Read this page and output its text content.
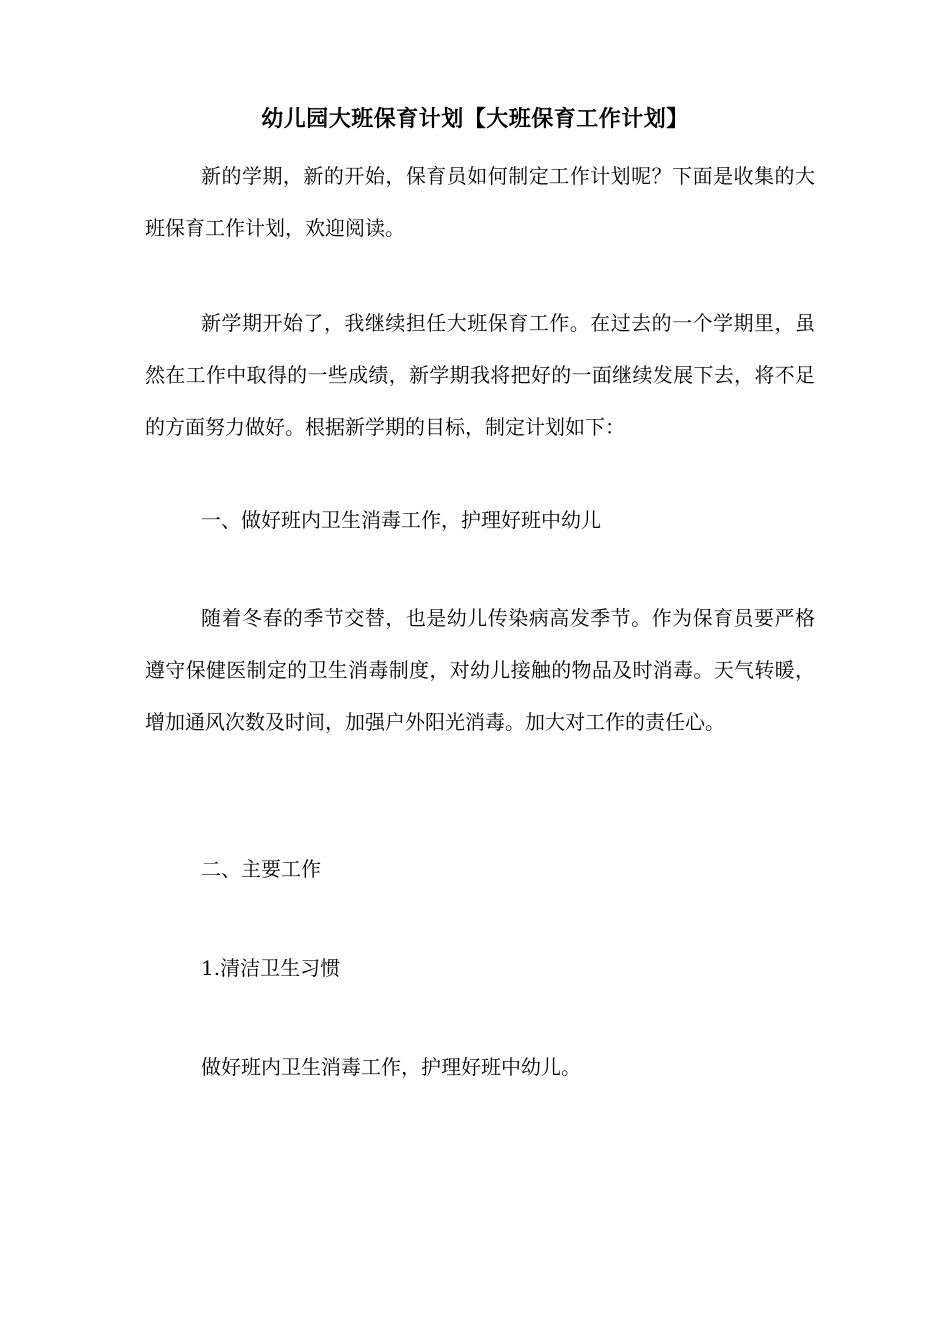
幼儿园大班保育计划【大班保育工作计划】

新的学期，新的开始，保育员如何制定工作计划呢？下面是收集的大班保育工作计划，欢迎阅读。

新学期开始了，我继续担任大班保育工作。在过去的一个学期里，虽然在工作中取得的一些成绩，新学期我将把好的一面继续发展下去，将不足的方面努力做好。根据新学期的目标，制定计划如下：

一、做好班内卫生消毒工作，护理好班中幼儿

随着冬春的季节交替，也是幼儿传染病高发季节。作为保育员要严格遵守保健医制定的卫生消毒制度，对幼儿接触的物品及时消毒。天气转暖，增加通风次数及时间，加强户外阳光消毒。加大对工作的责任心。

二、主要工作

1.清洁卫生习惯

做好班内卫生消毒工作，护理好班中幼儿。
